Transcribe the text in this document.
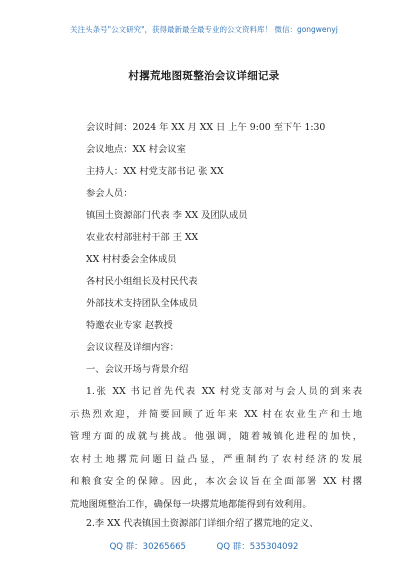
关注头条号"公文研究"，获得最新最全最专业的公文资料库！ 微信：gongwenyj
村撂荒地图斑整治会议详细记录
会议时间：2024 年 XX 月 XX 日 上午 9:00 至下午 1:30
会议地点：XX 村会议室
主持人：XX 村党支部书记 张 XX
参会人员：
镇国土资源部门代表 李 XX 及团队成员
农业农村部驻村干部 王 XX
XX 村村委会全体成员
各村民小组组长及村民代表
外部技术支持团队全体成员
特邀农业专家 赵教授
会议议程及详细内容：
一、会议开场与背景介绍
1.张 XX 书记首先代表 XX 村党支部对与会人员的到来表
示热烈欢迎，并简要回顾了近年来 XX 村在农业生产和土地
管理方面的成就与挑战。他强调，随着城镇化进程的加快，
农村土地撂荒问题日益凸显，严重制约了农村经济的发展
和粮食安全的保障。因此，本次会议旨在全面部署 XX 村撂
荒地图斑整治工作，确保每一块撂荒地都能得到有效利用。
2.李 XX 代表镇国土资源部门详细介绍了撂荒地的定义、
QQ 群：30265665	QQ 群：535304092
